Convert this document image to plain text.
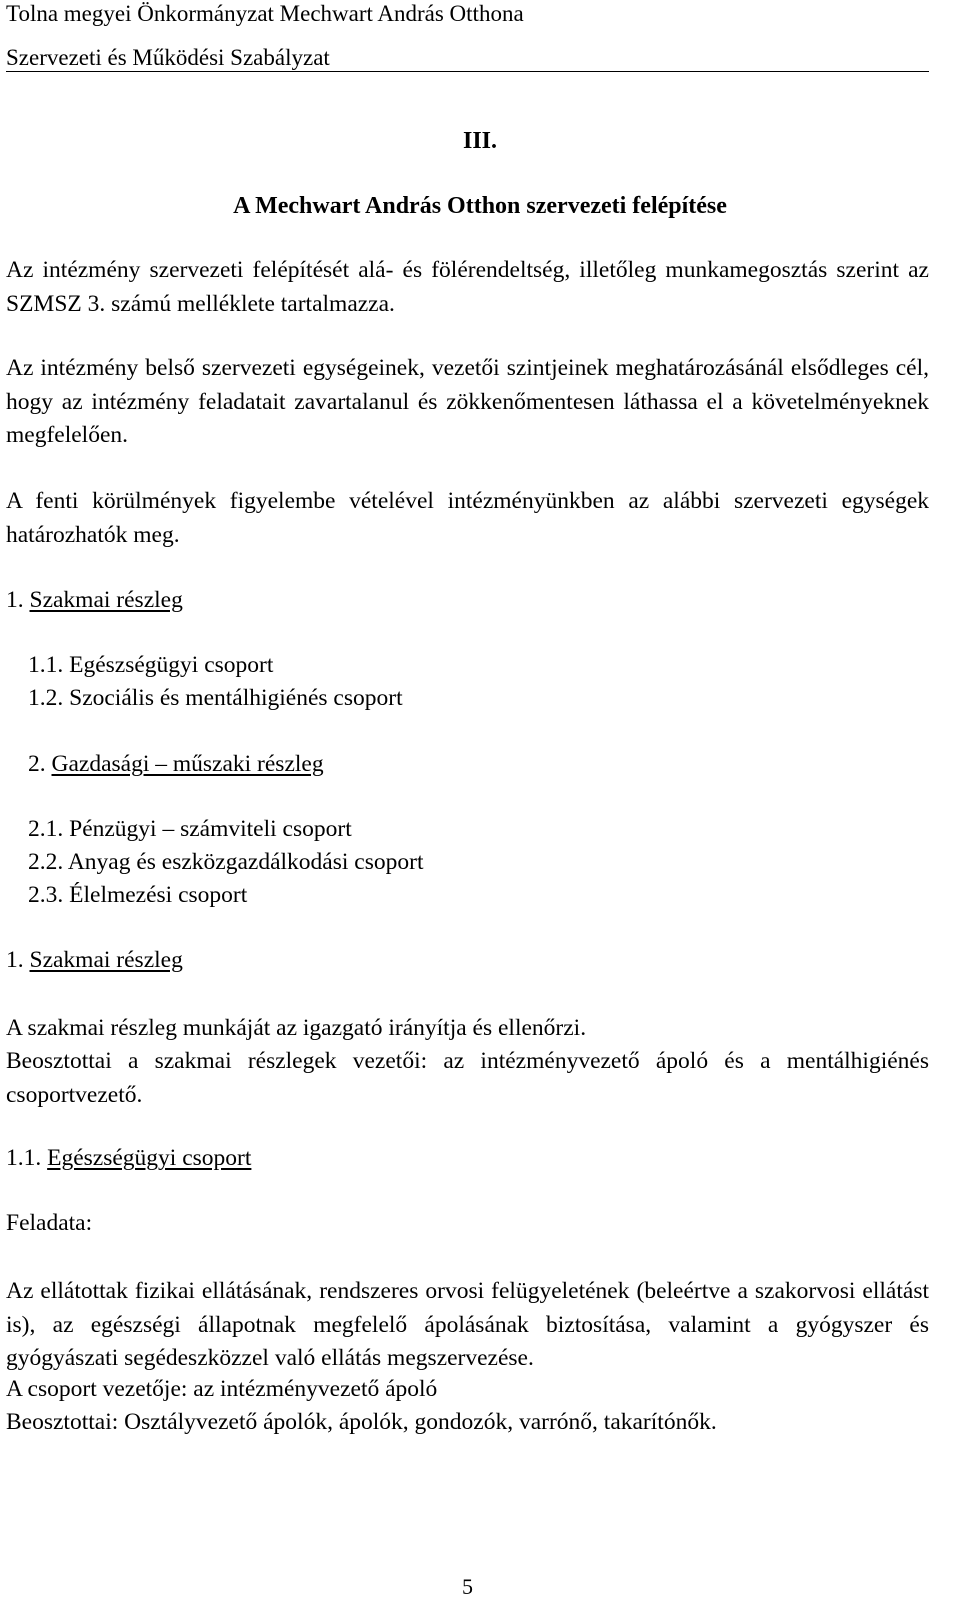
Tolna megyei Önkormányzat Mechwart András Otthona
Szervezeti és Működési Szabályzat
III.
A Mechwart András Otthon szervezeti felépítése
Az intézmény szervezeti felépítését alá- és fölérendeltség, illetőleg munkamegosztás szerint az SZMSZ 3. számú melléklete tartalmazza.
Az intézmény belső szervezeti egységeinek, vezetői szintjeinek meghatározásánál elsődleges cél, hogy az intézmény feladatait zavartalanul és zökkenőmentesen láthassa el a követelményeknek megfelelően.
A fenti körülmények figyelembe vételével intézményünkben az alábbi szervezeti egységek határozhatók meg.
1. Szakmai részleg
1.1. Egészségügyi csoport
1.2. Szociális és mentálhigiénés csoport
2. Gazdasági – műszaki részleg
2.1. Pénzügyi – számviteli csoport
2.2. Anyag és eszközgazdálkodási csoport
2.3. Élelmezési csoport
1. Szakmai részleg
A szakmai részleg munkáját az igazgató irányítja és ellenőrzi.
Beosztottai a szakmai részlegek vezetői: az intézményvezető ápoló és a mentálhigiénés csoportvezető.
1.1. Egészségügyi csoport
Feladata:
Az ellátottak fizikai ellátásának, rendszeres orvosi felügyeletének (beleértve a szakorvosi ellátást is), az egészségi állapotnak megfelelő ápolásának biztosítása, valamint a gyógyszer és gyógyászati segédeszközzel való ellátás megszervezése.
A csoport vezetője: az intézményvezető ápoló
Beosztottai: Osztályvezető ápolók, ápolók, gondozók, varrónő, takarítónők.
5
